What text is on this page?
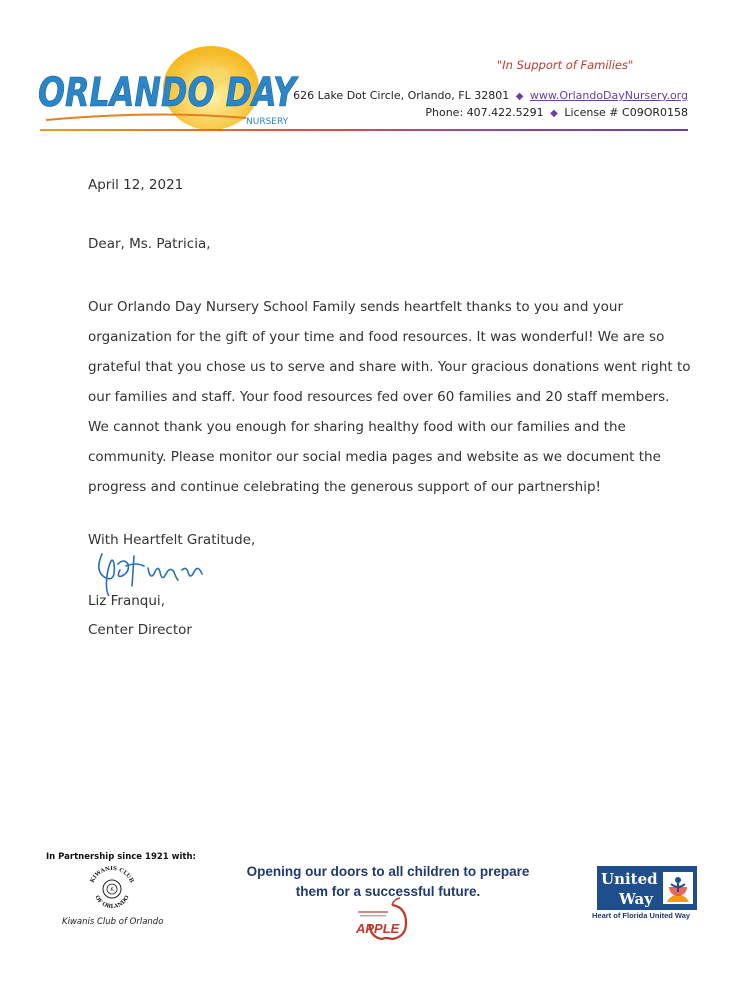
ORLANDO DAY
NURSERY
"In Support of Families"
626 Lake Dot Circle, Orlando, FL 32801 ◆ www.OrlandoDayNursery.org
Phone: 407.422.5291 ◆ License # C09OR0158
April 12, 2021
Dear, Ms. Patricia,
Our Orlando Day Nursery School Family sends heartfelt thanks to you and your
organization for the gift of your time and food resources. It was wonderful! We are so
grateful that you chose us to serve and share with. Your gracious donations went right to
our families and staff. Your food resources fed over 60 families and 20 staff members.
We cannot thank you enough for sharing healthy food with our families and the
community. Please monitor our social media pages and website as we document the
progress and continue celebrating the generous support of our partnership!
With Heartfelt Gratitude,
Liz Franqui,
Center Director
In Partnership since 1921 with:
KIWANIS CLUB
OF ORLANDO
K
Kiwanis Club of Orlando
Opening our doors to all children to prepare
them for a successful future.
APPLE
United
Way
Heart of Florida United Way
